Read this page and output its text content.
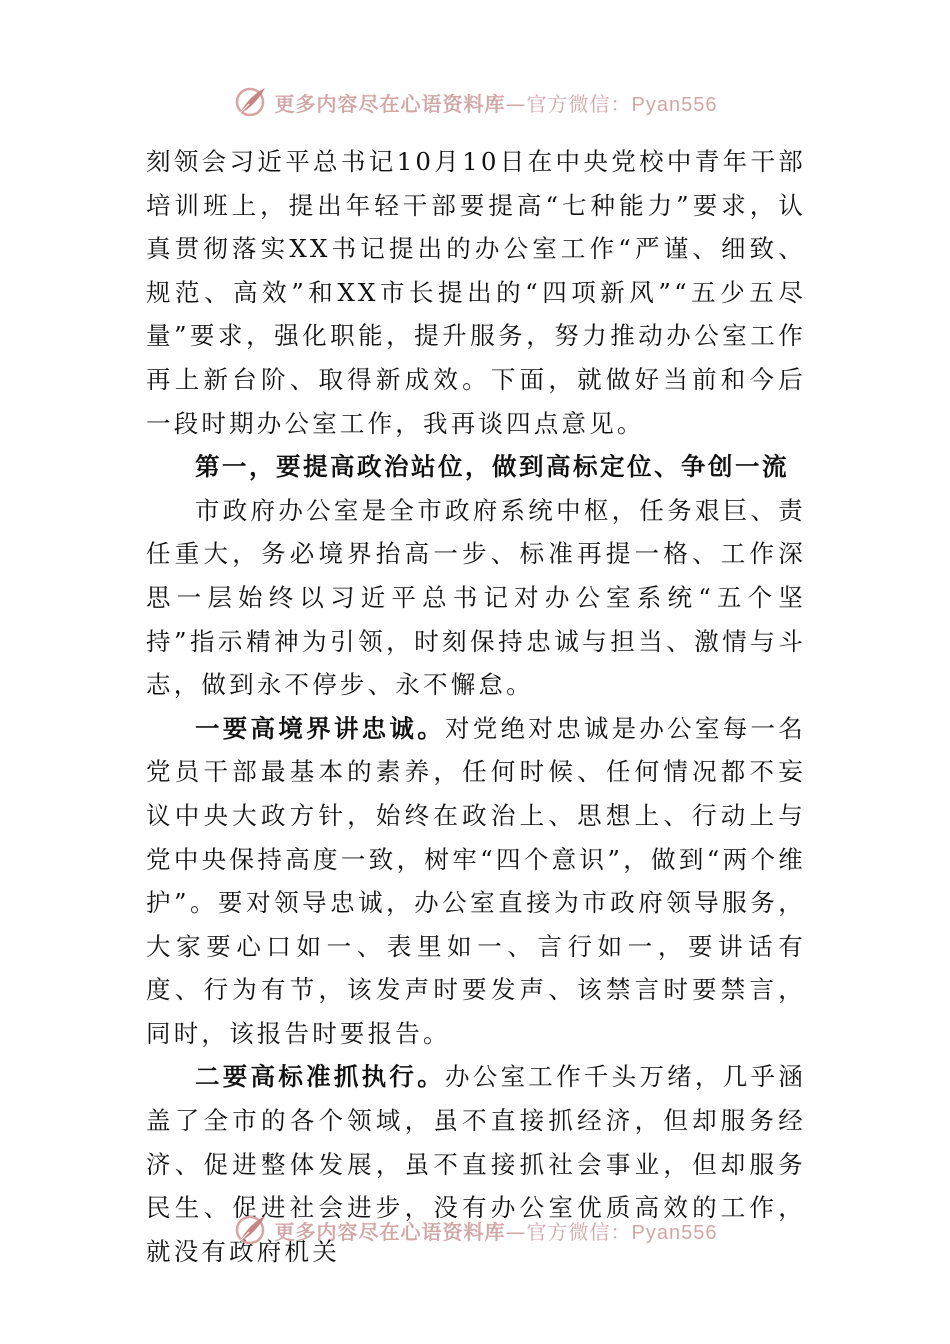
更多内容尽在心语资料库—官方微信：Pyan556

刻领会习近平总书记10月10日在中央党校中青年干部培训班上，提出年轻干部要提高“七种能力”要求，认真贯彻落实XX书记提出的办公室工作“严谨、细致、规范、高效”和XX市长提出的“四项新风”“五少五尽量”要求，强化职能，提升服务，努力推动办公室工作再上新台阶、取得新成效。下面，就做好当前和今后一段时期办公室工作，我再谈四点意见。

第一，要提高政治站位，做到高标定位、争创一流

市政府办公室是全市政府系统中枢，任务艰巨、责任重大，务必境界抬高一步、标准再提一格、工作深思一层始终以习近平总书记对办公室系统“五个坚持”指示精神为引领，时刻保持忠诚与担当、激情与斗志，做到永不停步、永不懈怠。

一要高境界讲忠诚。对党绝对忠诚是办公室每一名党员干部最基本的素养，任何时候、任何情况都不妄议中央大政方针，始终在政治上、思想上、行动上与党中央保持高度一致，树牢“四个意识”，做到“两个维护”。要对领导忠诚，办公室直接为市政府领导服务，大家要心口如一、表里如一、言行如一，要讲话有度、行为有节，该发声时要发声、该禁言时要禁言，同时，该报告时要报告。

二要高标准抓执行。办公室工作千头万绪，几乎涵盖了全市的各个领域，虽不直接抓经济，但却服务经济、促进整体发展，虽不直接抓社会事业，但却服务民生、促进社会进步，没有办公室优质高效的工作，就没有政府机关

更多内容尽在心语资料库—官方微信：Pyan556
